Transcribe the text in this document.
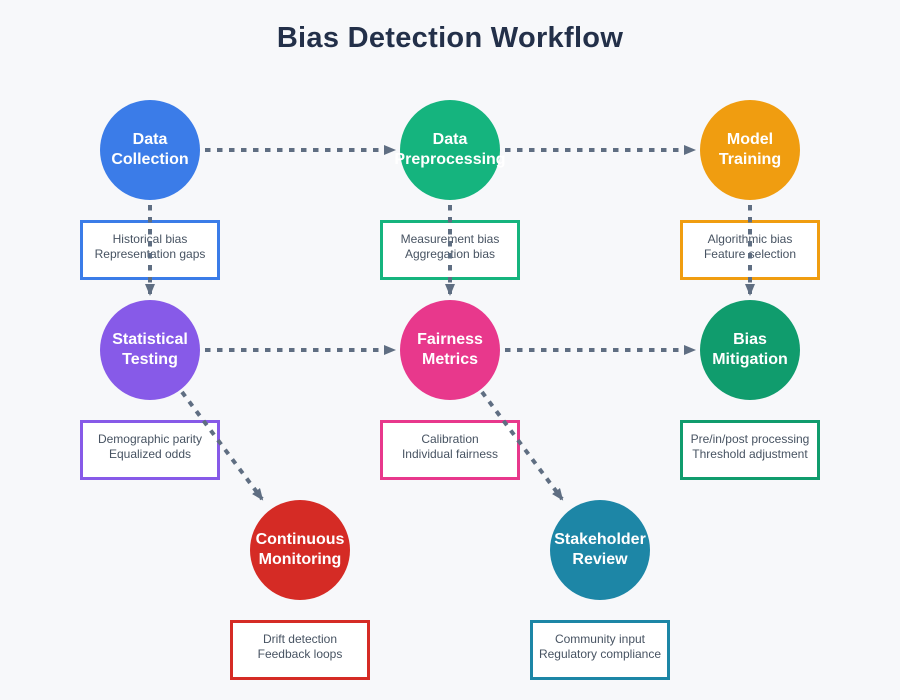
Bias Detection Workflow
Historical bias
Representation gaps
Measurement bias
Aggregation bias
Algorithmic bias
Feature selection
Demographic parity
Equalized odds
Calibration
Individual fairness
Pre/in/post processing
Threshold adjustment
Drift detection
Feedback loops
Community input
Regulatory compliance
Data
Collection
Data
Preprocessing
Model
Training
Statistical
Testing
Fairness
Metrics
Bias
Mitigation
Continuous
Monitoring
Stakeholder
Review
